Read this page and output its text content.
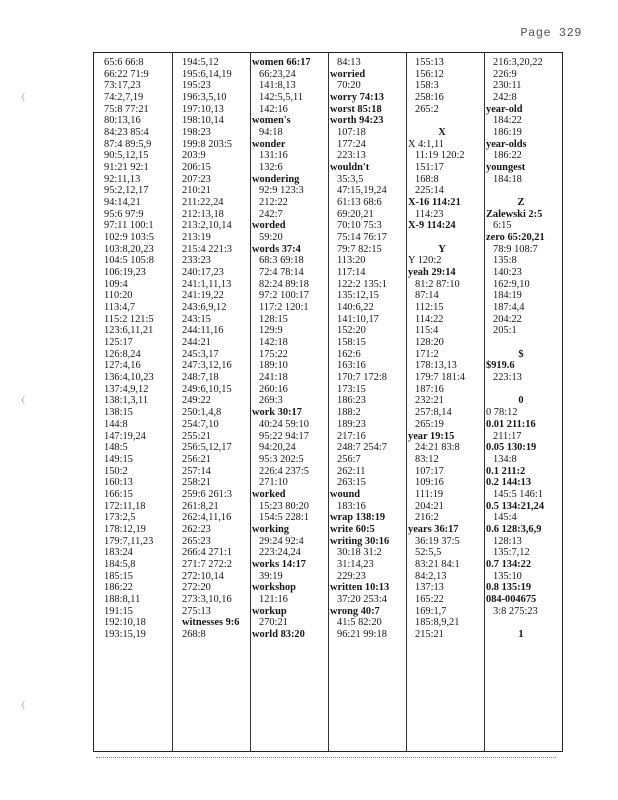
Page 329
65:6 66:8
66:22 71:9
73:17,23
74:2,7,19
75:8 77:21
80:13,16
84:23 85:4
87:4 89:5,9
90:5,12,15
91:21 92:1
92:11,13
95:2,12,17
94:14,21
95:6 97:9
97:11 100:1
102:9 103:5
103:8,20,23
104:5 105:8
106:19,23
109:4
110:20
113:4,7
115:2 121:5
123:6,11,21
125:17
126:8,24
127:4,16
136:4,10,23
137:4,9,12
138:1,3,11
138:15
144:8
147:19,24
148:5
149:15
150:2
160:13
166:15
172:11,18
173:2,5
178:12,19
179:7,11,23
183:24
184:5,8
185:15
186:22
188:8,11
191:15
192:10,18
193:15,19
194:5,12
195:6,14,19
195:23
196:3,5,10
197:10,13
198:10,14
198:23
199:8 203:5
203:9
206:15
207:23
210:21
211:22,24
212:13,18
213:2,10,14
213:19
215:4 221:3
233:23
240:17,23
241:1,11,13
241:19,22
243:6,9,12
243:15
244:11,16
244:21
245:3,17
247:3,12,16
248:7,18
249:6,10,15
249:22
250:1,4,8
254:7,10
255:21
256:5,12,17
256:21
257:14
258:21
259:6 261:3
261:8,21
262:4,11,16
262:23
265:23
266:4 271:1
271:7 272:2
272:10,14
272:20
273:3,10,16
275:13
witnesses 9:6
268:8
women 66:17
66:23,24
141:8,13
142:5,5,11
142:16
women's
94:18
wonder
131:16
132:6
wondering
92:9 123:3
212:22
242:7
worded
59:20
words 37:4
68:3 69:18
72:4 78:14
82:24 89:18
97:2 100:17
117:2 120:1
128:15
129:9
142:18
175:22
189:10
241:18
260:16
269:3
work 30:17
40:24 59:10
95:22 94:17
94:20,24
95:3 202:5
226:4 237:5
271:10
worked
15:23 80:20
154:5 228:1
working
29:24 92:4
223:24,24
works 14:17
39:19
workshop
121:16
workup
270:21
world 83:20
84:13
worried
70:20
worry 74:13
worst 85:18
worth 94:23
107:18
177:24
223:13
wouldn't
35:3,5
47:15,19,24
61:13 68:6
69:20,21
70:10 75:3
75:14 76:17
79:7 82:15
113:20
117:14
122:2 135:1
135:12,15
140:6,22
141:10,17
152:20
158:15
162:6
163:16
170:7 172:8
173:15
186:23
188:2
189:23
217:16
248:7 254:7
256:7
262:11
263:15
wound
183:16
wrap 138:19
write 60:5
writing 30:16
30:18 31:2
31:14,23
229:23
written 10:13
37:20 253:4
wrong 40:7
41:5 82:20
96:21 99:18
155:13
156:12
158:3
258:16
265:2
X
X 4:1,11
11:19 120:2
151:17
168:8
225:14
X-16 114:21
114:23
X-9 114:24
Y
Y 120:2
yeah 29:14
81:2 87:10
87:14
112:15
114:22
115:4
128:20
171:2
178:13,13
179:7 181:4
187:16
232:21
257:8,14
265:19
year 19:15
24:21 83:8
83:12
107:17
109:16
111:19
204:21
216:2
years 36:17
36:19 37:5
52:5,5
83:21 84:1
84:2,13
137:13
165:22
169:1,7
185:8,9,21
215:21
216:3,20,22
226:9
230:11
242:8
year-old
184:22
186:19
year-olds
186:22
youngest
184:18
Z
Zalewski 2:5
6:15
zero 65:20,21
78:9 108:7
135:8
140:23
162:9,10
184:19
187:4,4
204:22
205:1
$
$919.6
223:13
0
0 78:12
0.01 211:16
211:17
0.05 130:19
134:8
0.1 211:2
0.2 144:13
145:5 146:1
0.5 134:21,24
145:4
0.6 128:3,6,9
128:13
135:7,12
0.7 134:22
135:10
0.8 135:19
084-004675
3:8 275:23
1
